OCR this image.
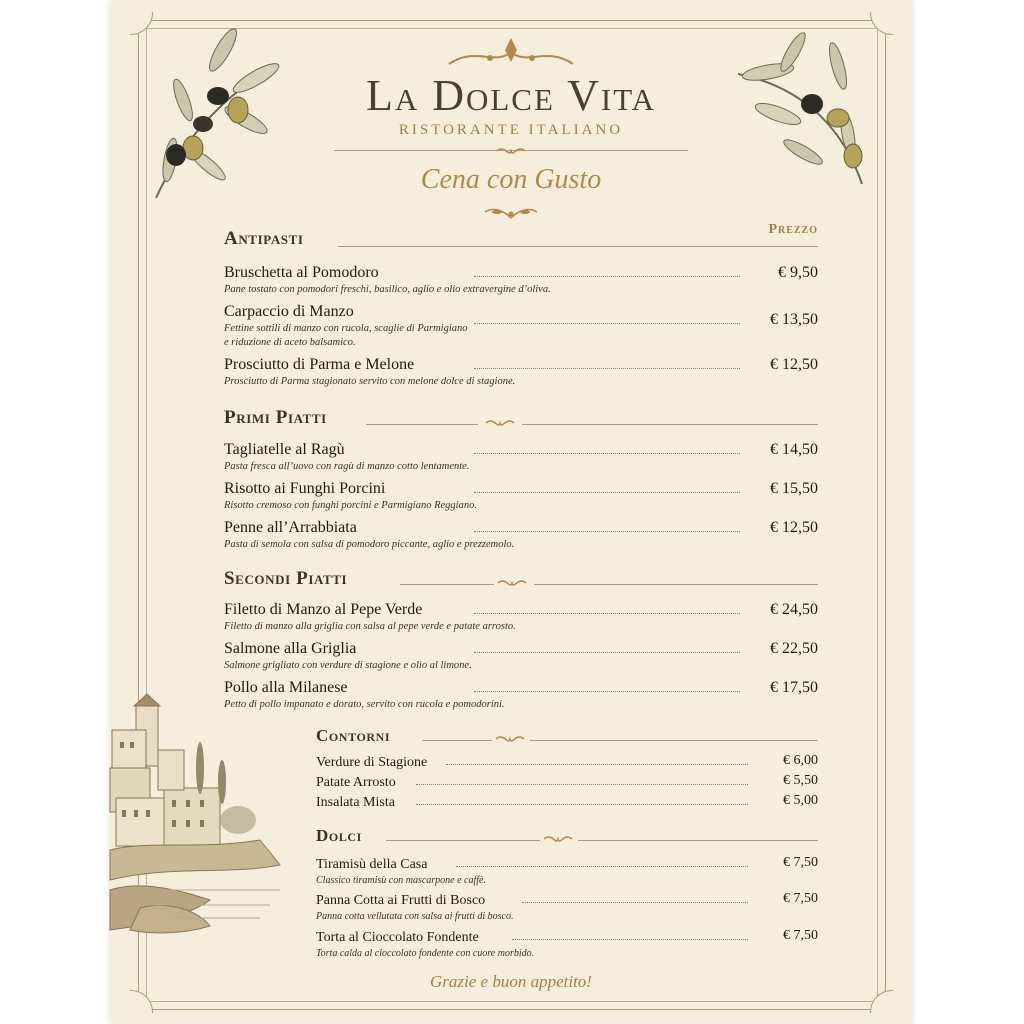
La Dolce Vita
RISTORANTE ITALIANO
Cena con Gusto
Antipasti	Prezzo
Bruschetta al Pomodoro	€ 9,50
Pane tostato con pomodori freschi, basilico, aglio e olio extravergine d’oliva.
Carpaccio di Manzo	€ 13,50
Fettine sottili di manzo con rucola, scaglie di Parmigiano
e riduzione di aceto balsamico.
Prosciutto di Parma e Melone	€ 12,50
Prosciutto di Parma stagionato servito con melone dolce di stagione.
Primi Piatti
Tagliatelle al Ragù	€ 14,50
Pasta fresca all’uovo con ragù di manzo cotto lentamente.
Risotto ai Funghi Porcini	€ 15,50
Risotto cremoso con funghi porcini e Parmigiano Reggiano.
Penne all’Arrabbiata	€ 12,50
Pasta di semola con salsa di pomodoro piccante, aglio e prezzemolo.
Secondi Piatti
Filetto di Manzo al Pepe Verde	€ 24,50
Filetto di manzo alla griglia con salsa al pepe verde e patate arrosto.
Salmone alla Griglia	€ 22,50
Salmone grigliato con verdure di stagione e olio al limone.
Pollo alla Milanese	€ 17,50
Petto di pollo impanato e dorato, servito con rucola e pomodorini.
Contorni
Verdure di Stagione	€ 6,00
Patate Arrosto	€ 5,50
Insalata Mista	€ 5,00
Dolci
Tiramisù della Casa	€ 7,50
Classico tiramisù con mascarpone e caffè.
Panna Cotta ai Frutti di Bosco	€ 7,50
Panna cotta vellutata con salsa ai frutti di bosco.
Torta al Cioccolato Fondente	€ 7,50
Torta calda al cioccolato fondente con cuore morbido.
Grazie e buon appetito!
